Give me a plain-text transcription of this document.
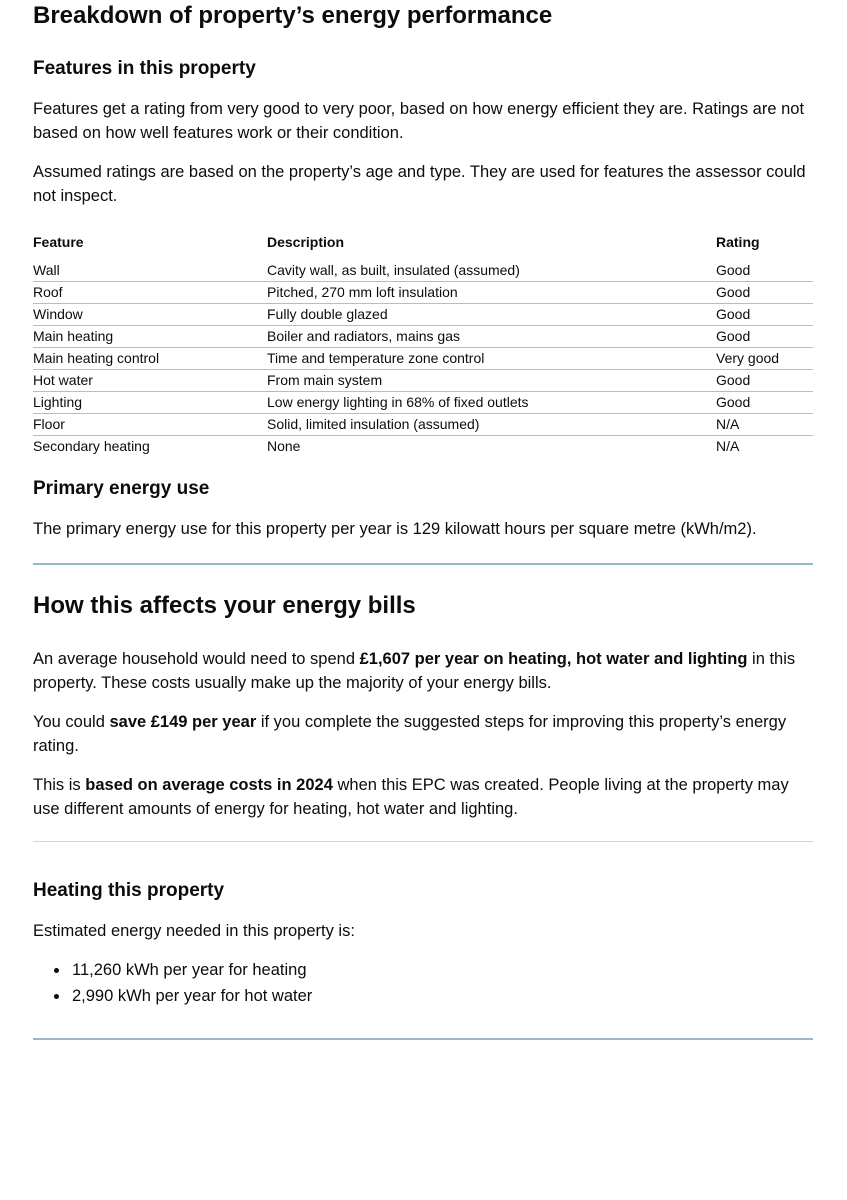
Breakdown of property’s energy performance
Features in this property

Features get a rating from very good to very poor, based on how energy efficient they are. Ratings are not based on how well features work or their condition.

Assumed ratings are based on the property’s age and type. They are used for features the assessor could not inspect.

Feature	Description	Rating
Wall	Cavity wall, as built, insulated (assumed)	Good
Roof	Pitched, 270 mm loft insulation	Good
Window	Fully double glazed	Good
Main heating	Boiler and radiators, mains gas	Good
Main heating control	Time and temperature zone control	Very good
Hot water	From main system	Good
Lighting	Low energy lighting in 68% of fixed outlets	Good
Floor	Solid, limited insulation (assumed)	N/A
Secondary heating	None	N/A
Primary energy use

The primary energy use for this property per year is 129 kilowatt hours per square metre (kWh/m2).

How this affects your energy bills

An average household would need to spend £1,607 per year on heating, hot water and lighting in this property. These costs usually make up the majority of your energy bills.

You could save £149 per year if you complete the suggested steps for improving this property’s energy rating.

This is based on average costs in 2024 when this EPC was created. People living at the property may use different amounts of energy for heating, hot water and lighting.

Heating this property

Estimated energy needed in this property is:

• 11,260 kWh per year for heating
• 2,990 kWh per year for hot water
